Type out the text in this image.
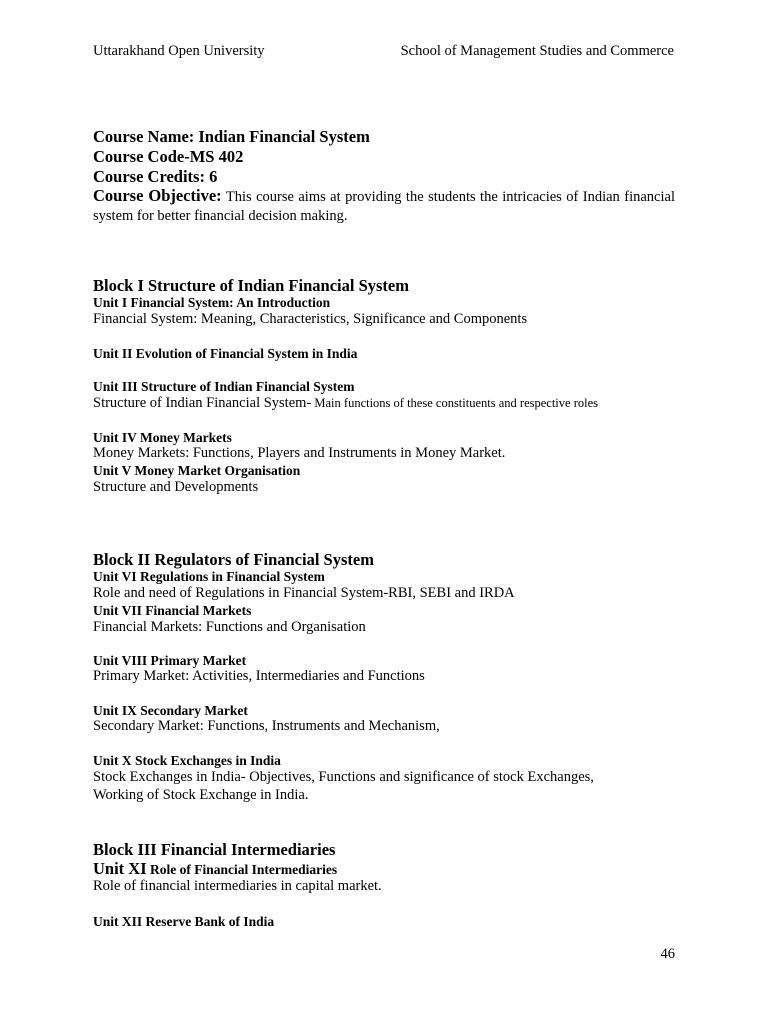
Uttarakhand Open University	School of Management Studies and Commerce
Course Name: Indian Financial System
Course Code-MS 402
Course Credits: 6
Course Objective: This course aims at providing the students the intricacies of Indian financial system for better financial decision making.
Block I Structure of Indian Financial System
Unit I Financial System: An Introduction
Financial System: Meaning, Characteristics, Significance and Components
Unit II Evolution of Financial System in India
Unit III Structure of Indian Financial System
Structure of Indian Financial System- Main functions of these constituents and respective roles
Unit IV Money Markets
Money Markets: Functions, Players and Instruments in Money Market.
Unit V Money Market Organisation
Structure and Developments
Block II Regulators of Financial System
Unit VI Regulations in Financial System
Role and need of Regulations in Financial System-RBI, SEBI and IRDA
Unit VII Financial Markets
Financial Markets: Functions and Organisation
Unit VIII Primary Market
Primary Market: Activities, Intermediaries and Functions
Unit IX Secondary Market
Secondary Market: Functions, Instruments and Mechanism,
Unit X Stock Exchanges in India
Stock Exchanges in India- Objectives, Functions and significance of stock Exchanges,
Working of Stock Exchange in India.
Block III Financial Intermediaries
Unit XI Role of Financial Intermediaries
Role of financial intermediaries in capital market.
Unit XII Reserve Bank of India
46
